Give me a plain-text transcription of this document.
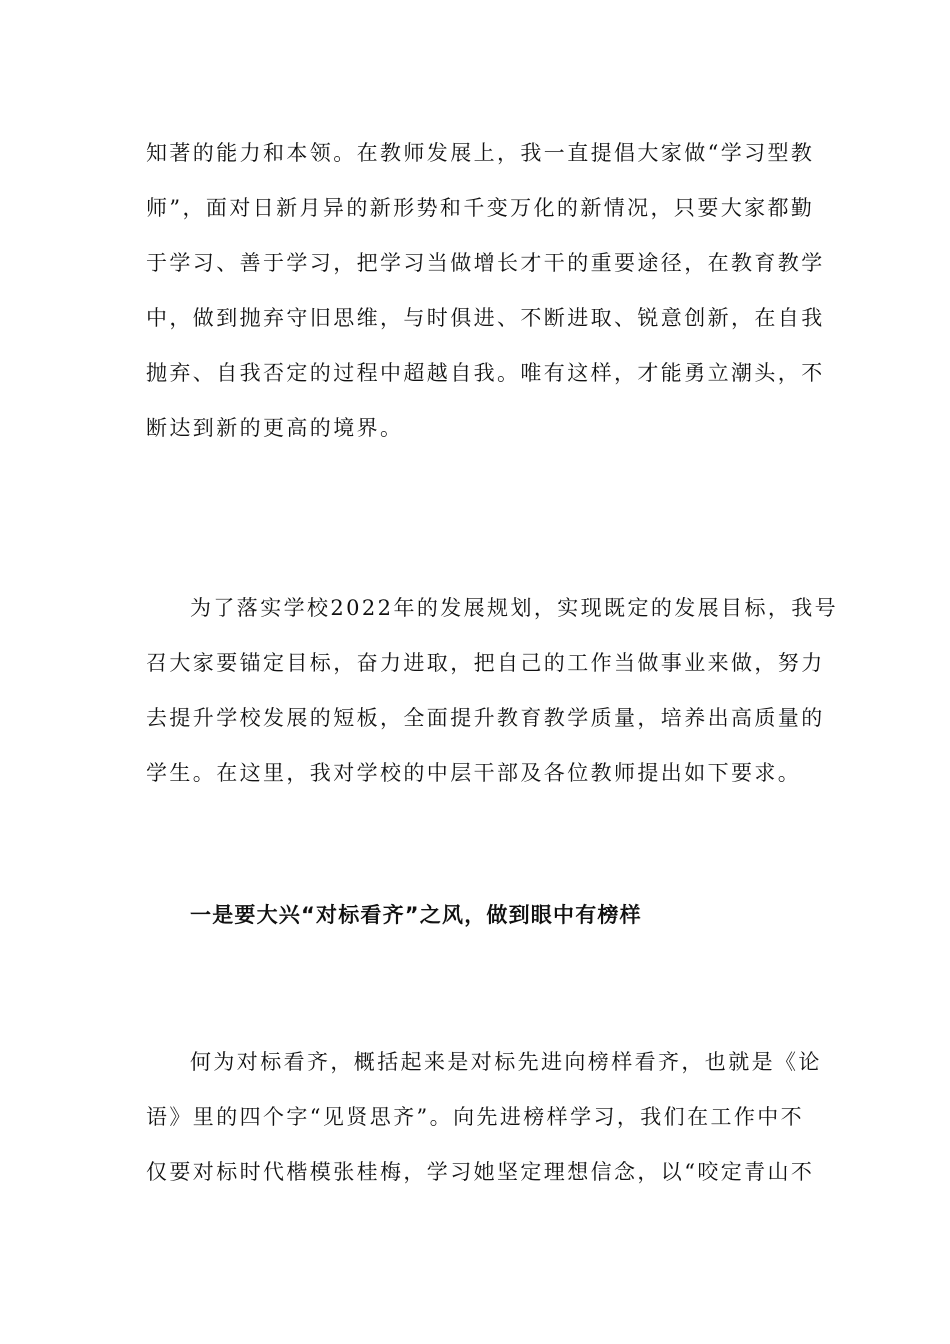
知著的能力和本领。在教师发展上，我一直提倡大家做“学习型教
师”，面对日新月异的新形势和千变万化的新情况，只要大家都勤
于学习、善于学习，把学习当做增长才干的重要途径，在教育教学
中，做到抛弃守旧思维，与时俱进、不断进取、锐意创新，在自我
抛弃、自我否定的过程中超越自我。唯有这样，才能勇立潮头，不
断达到新的更高的境界。
为了落实学校2022年的发展规划，实现既定的发展目标，我号
召大家要锚定目标，奋力进取，把自己的工作当做事业来做，努力
去提升学校发展的短板，全面提升教育教学质量，培养出高质量的
学生。在这里，我对学校的中层干部及各位教师提出如下要求。
一是要大兴“对标看齐”之风，做到眼中有榜样
何为对标看齐，概括起来是对标先进向榜样看齐，也就是《论
语》里的四个字“见贤思齐”。向先进榜样学习，我们在工作中不
仅要对标时代楷模张桂梅，学习她坚定理想信念，以“咬定青山不
